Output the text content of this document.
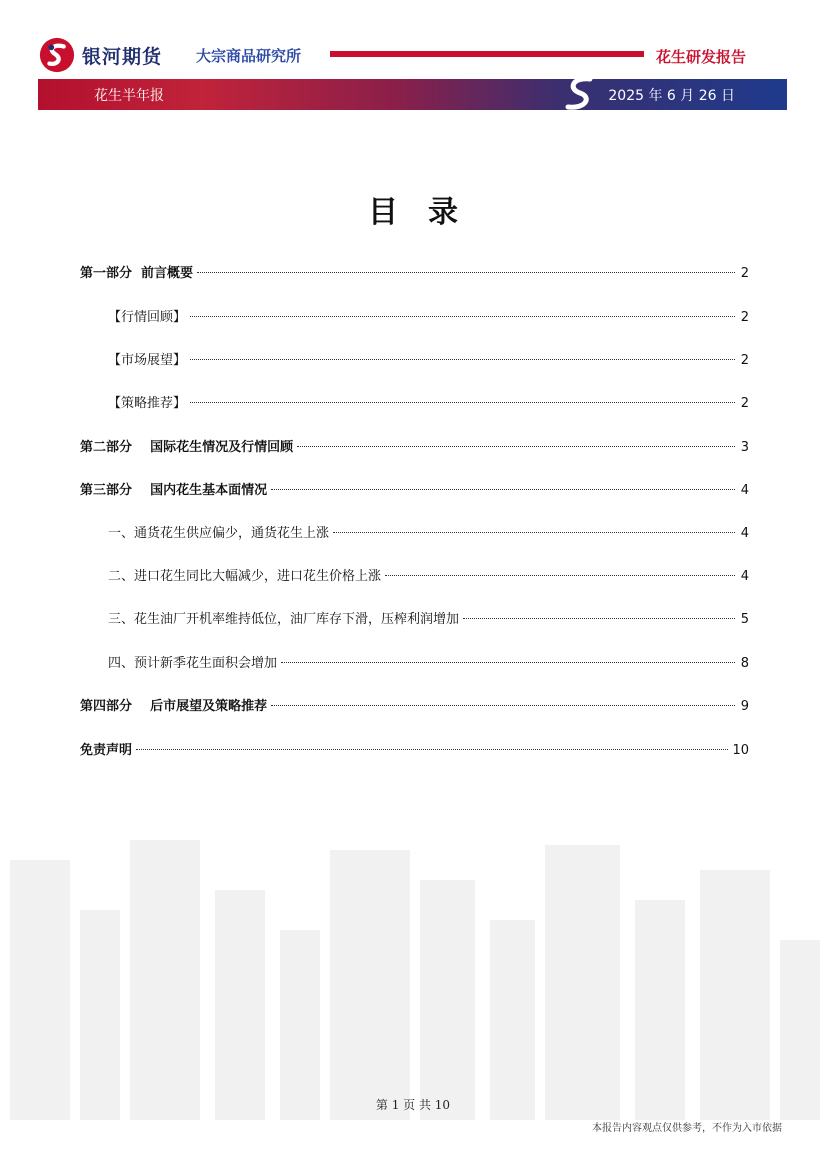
银河期货 大宗商品研究所	花生研发报告
花生半年报	2025 年 6 月 26 日
目录
第一部分  前言概要	2
【行情回顾】	2
【市场展望】	2
【策略推荐】	2
第二部分    国际花生情况及行情回顾	3
第三部分    国内花生基本面情况	4
一、通货花生供应偏少，通货花生上涨	4
二、进口花生同比大幅减少，进口花生价格上涨	4
三、花生油厂开机率维持低位，油厂库存下滑，压榨利润增加	5
四、预计新季花生面积会增加	8
第四部分    后市展望及策略推荐	9
免责声明	10
第 1 页 共 10
本报告内容观点仅供参考，不作为入市依据
